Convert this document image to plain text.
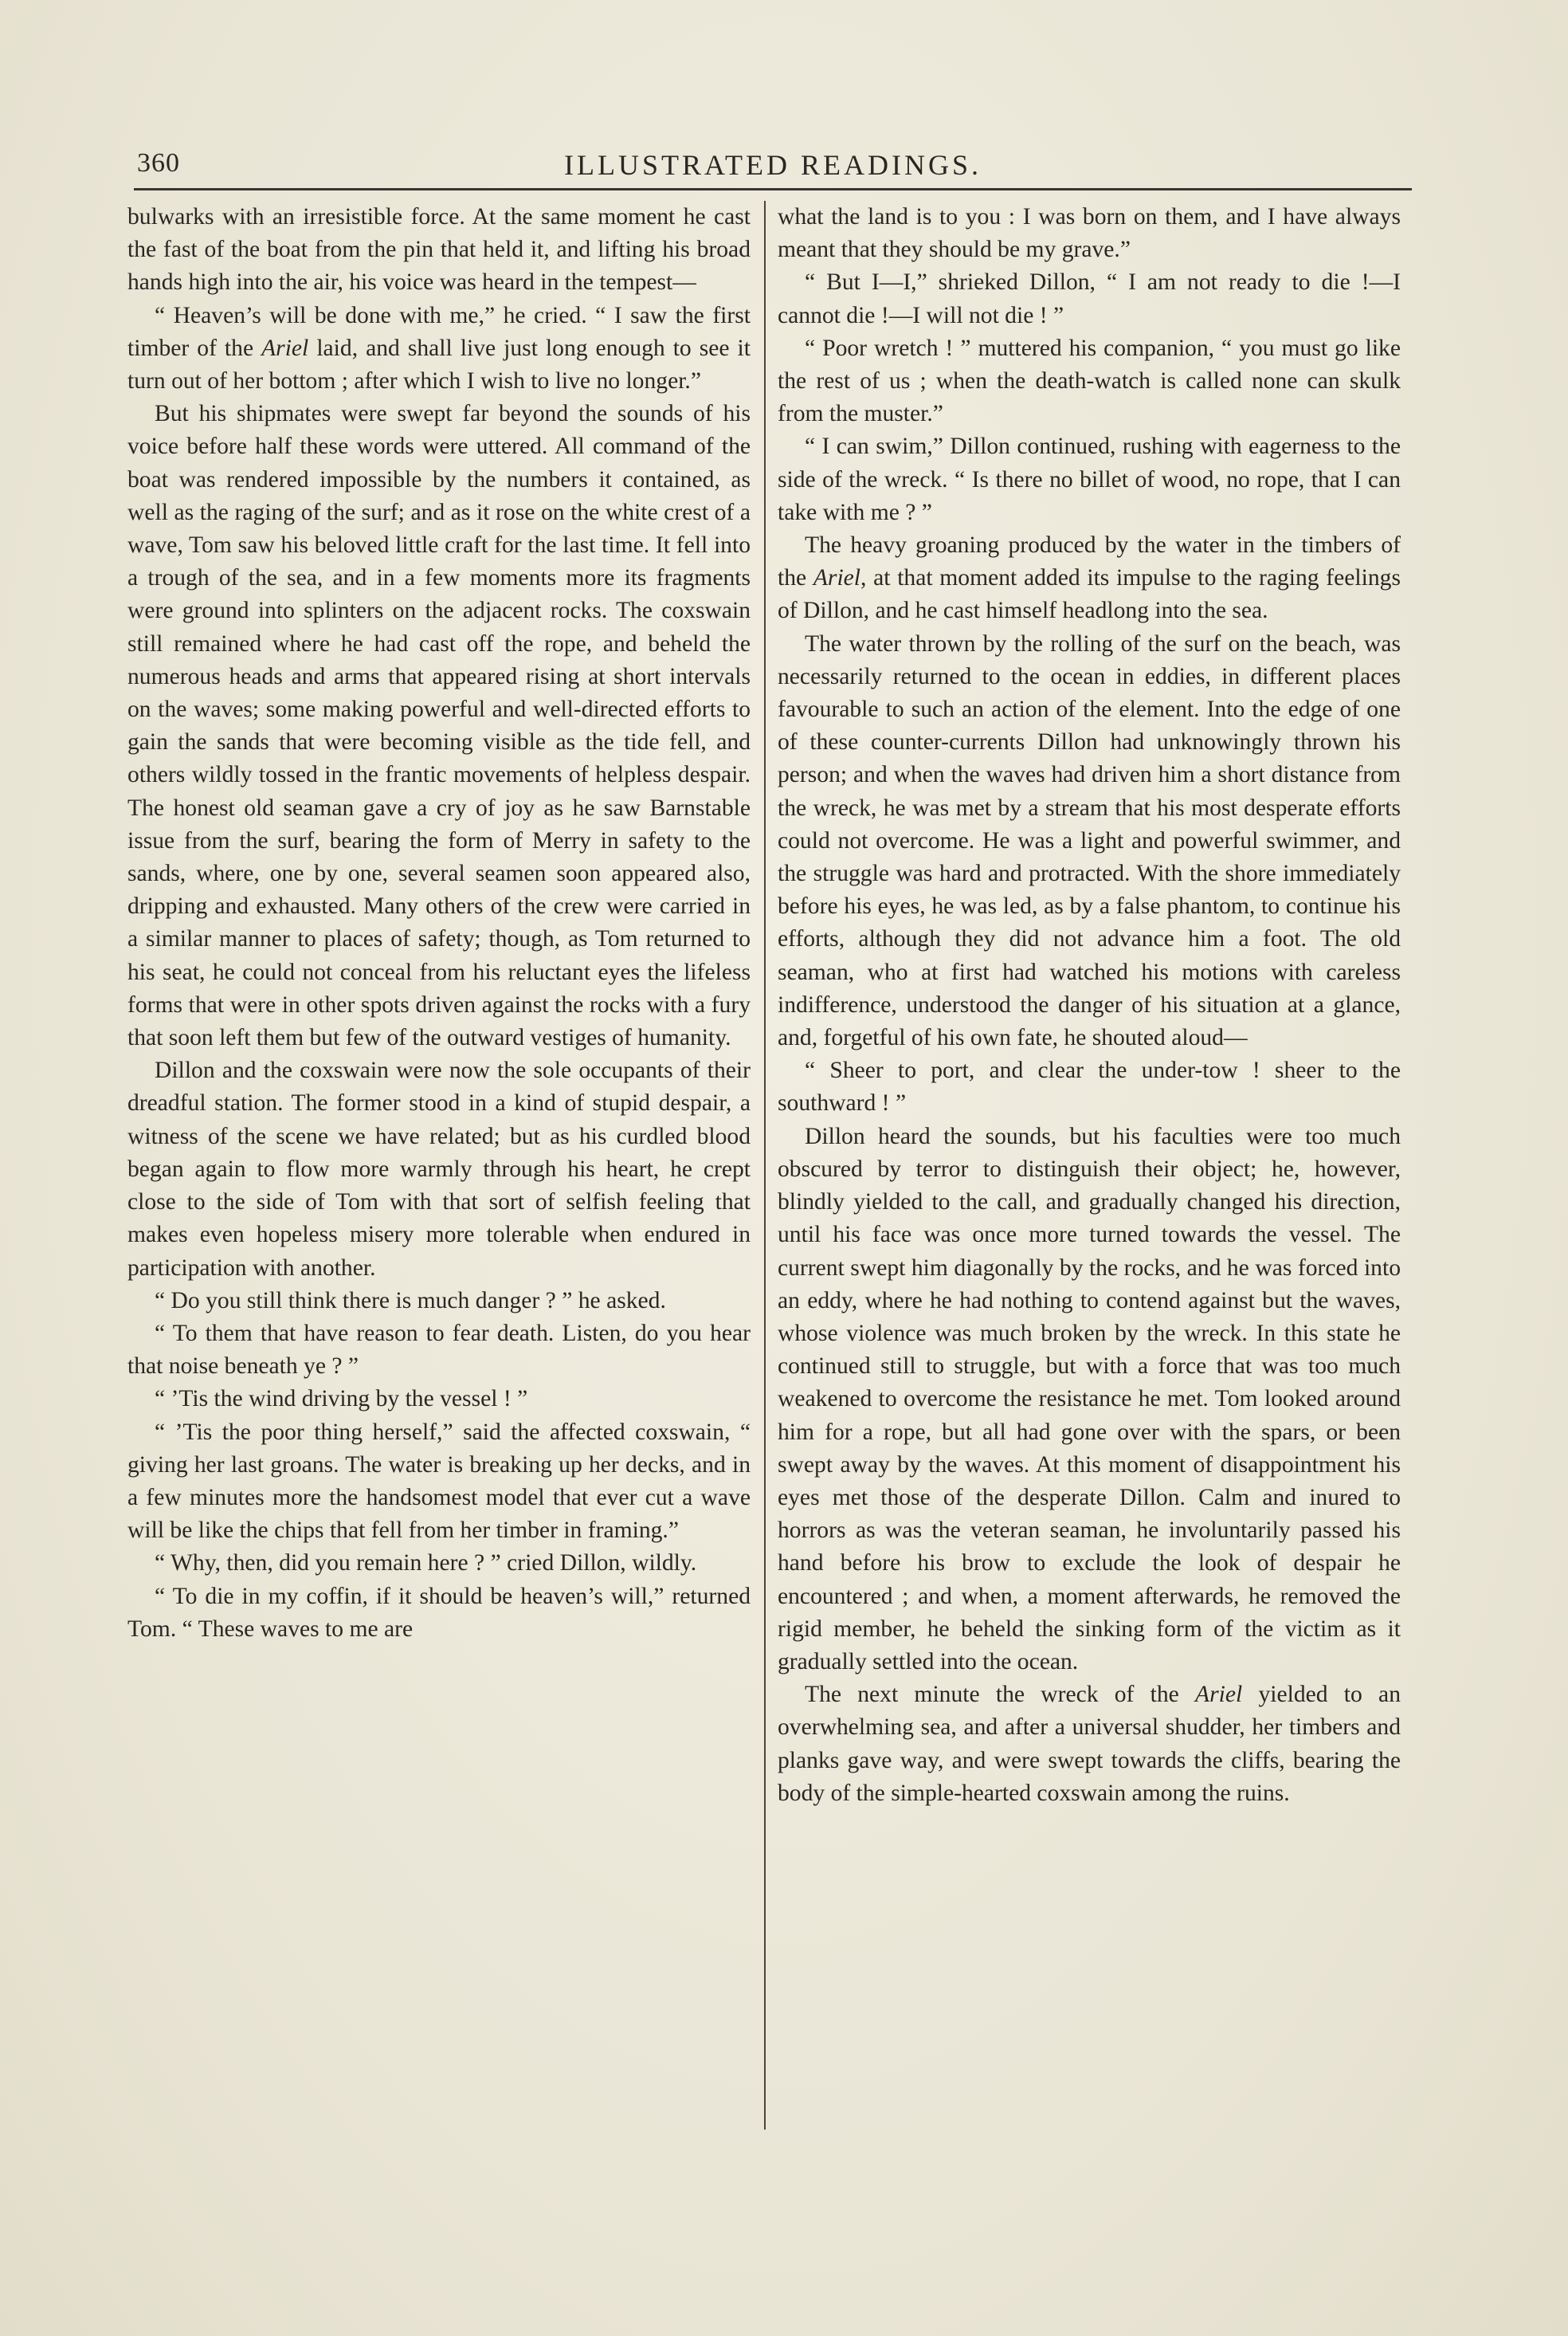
360	ILLUSTRATED READINGS.

bulwarks with an irresistible force. At the same moment he cast the fast of the boat from the pin that held it, and lifting his broad hands high into the air, his voice was heard in the tempest—

“ Heaven’s will be done with me,” he cried. “ I saw the first timber of the Ariel laid, and shall live just long enough to see it turn out of her bottom ; after which I wish to live no longer.”

But his shipmates were swept far beyond the sounds of his voice before half these words were uttered. All command of the boat was rendered impossible by the numbers it contained, as well as the raging of the surf; and as it rose on the white crest of a wave, Tom saw his beloved little craft for the last time. It fell into a trough of the sea, and in a few moments more its fragments were ground into splinters on the adjacent rocks. The coxswain still remained where he had cast off the rope, and beheld the numerous heads and arms that appeared rising at short intervals on the waves; some making powerful and well-directed efforts to gain the sands that were becoming visible as the tide fell, and others wildly tossed in the frantic movements of helpless despair. The honest old seaman gave a cry of joy as he saw Barnstable issue from the surf, bearing the form of Merry in safety to the sands, where, one by one, several seamen soon appeared also, dripping and exhausted. Many others of the crew were carried in a similar manner to places of safety; though, as Tom returned to his seat, he could not conceal from his reluctant eyes the lifeless forms that were in other spots driven against the rocks with a fury that soon left them but few of the outward vestiges of humanity.

Dillon and the coxswain were now the sole occupants of their dreadful station. The former stood in a kind of stupid despair, a witness of the scene we have related; but as his curdled blood began again to flow more warmly through his heart, he crept close to the side of Tom with that sort of selfish feeling that makes even hopeless misery more tolerable when endured in participation with another.

“ Do you still think there is much danger ? ” he asked.

“ To them that have reason to fear death. Listen, do you hear that noise beneath ye ? ”

“ ’Tis the wind driving by the vessel ! ”

“ ’Tis the poor thing herself,” said the affected coxswain, “ giving her last groans. The water is breaking up her decks, and in a few minutes more the handsomest model that ever cut a wave will be like the chips that fell from her timber in framing.”

“ Why, then, did you remain here ? ” cried Dillon, wildly.

“ To die in my coffin, if it should be heaven’s will,” returned Tom. “ These waves to me are

what the land is to you : I was born on them, and I have always meant that they should be my grave.”

“ But I—I,” shrieked Dillon, “ I am not ready to die !—I cannot die !—I will not die ! ”

“ Poor wretch ! ” muttered his companion, “ you must go like the rest of us ; when the death-watch is called none can skulk from the muster.”

“ I can swim,” Dillon continued, rushing with eagerness to the side of the wreck. “ Is there no billet of wood, no rope, that I can take with me ? ”

The heavy groaning produced by the water in the timbers of the Ariel, at that moment added its impulse to the raging feelings of Dillon, and he cast himself headlong into the sea.

The water thrown by the rolling of the surf on the beach, was necessarily returned to the ocean in eddies, in different places favourable to such an action of the element. Into the edge of one of these counter-currents Dillon had unknowingly thrown his person; and when the waves had driven him a short distance from the wreck, he was met by a stream that his most desperate efforts could not overcome. He was a light and powerful swimmer, and the struggle was hard and protracted. With the shore immediately before his eyes, he was led, as by a false phantom, to continue his efforts, although they did not advance him a foot. The old seaman, who at first had watched his motions with careless indifference, understood the danger of his situation at a glance, and, forgetful of his own fate, he shouted aloud—

“ Sheer to port, and clear the under-tow ! sheer to the southward ! ”

Dillon heard the sounds, but his faculties were too much obscured by terror to distinguish their object; he, however, blindly yielded to the call, and gradually changed his direction, until his face was once more turned towards the vessel. The current swept him diagonally by the rocks, and he was forced into an eddy, where he had nothing to contend against but the waves, whose violence was much broken by the wreck. In this state he continued still to struggle, but with a force that was too much weakened to overcome the resistance he met. Tom looked around him for a rope, but all had gone over with the spars, or been swept away by the waves. At this moment of disappointment his eyes met those of the desperate Dillon. Calm and inured to horrors as was the veteran seaman, he involuntarily passed his hand before his brow to exclude the look of despair he encountered ; and when, a moment afterwards, he removed the rigid member, he beheld the sinking form of the victim as it gradually settled into the ocean.

The next minute the wreck of the Ariel yielded to an overwhelming sea, and after a universal shudder, her timbers and planks gave way, and were swept towards the cliffs, bearing the body of the simple-hearted coxswain among the ruins.
